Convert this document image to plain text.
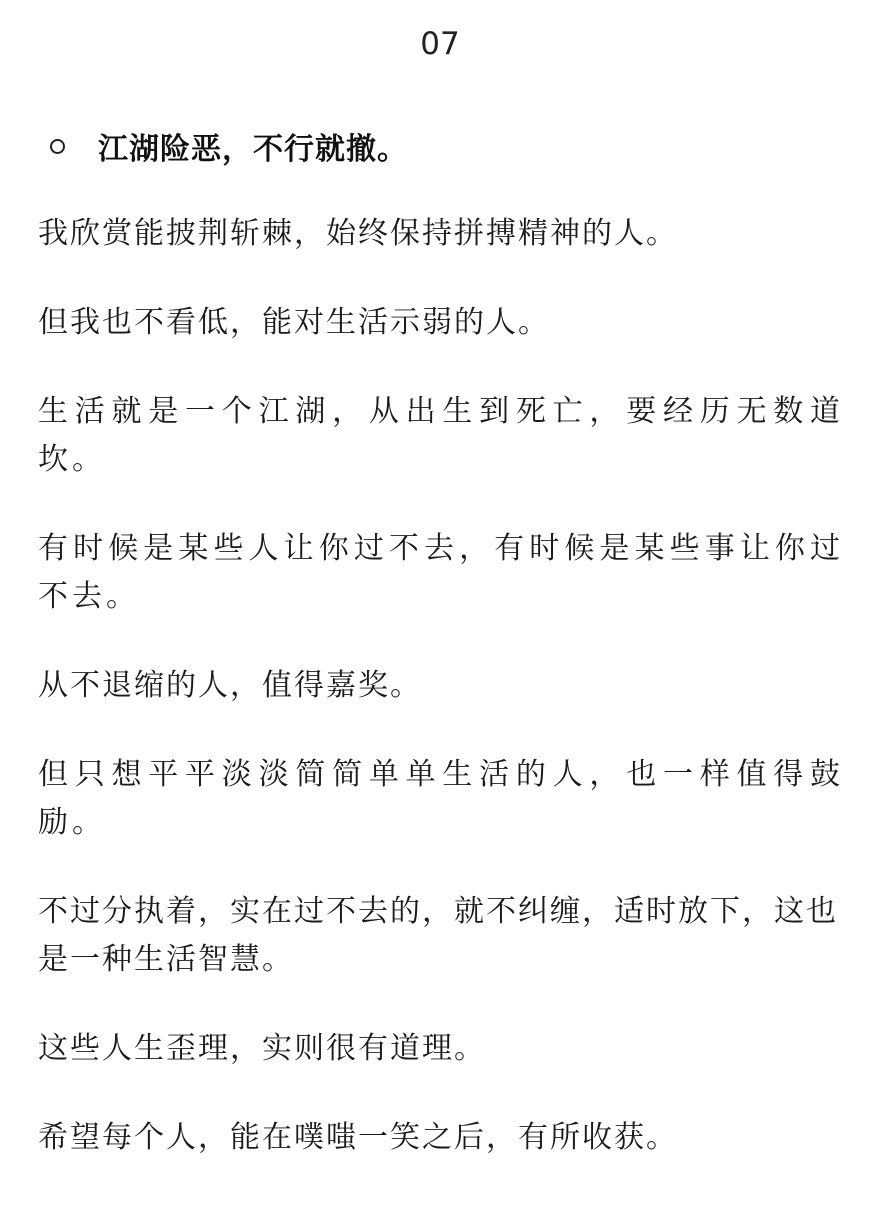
07
江湖险恶，不行就撤。

我欣赏能披荆斩棘，始终保持拼搏精神的人。

但我也不看低，能对生活示弱的人。

生活就是一个江湖，从出生到死亡，要经历无数道坎。

有时候是某些人让你过不去，有时候是某些事让你过不去。

从不退缩的人，值得嘉奖。

但只想平平淡淡简简单单生活的人，也一样值得鼓励。

不过分执着，实在过不去的，就不纠缠，适时放下，这也是一种生活智慧。

这些人生歪理，实则很有道理。

希望每个人，能在噗嗤一笑之后，有所收获。
